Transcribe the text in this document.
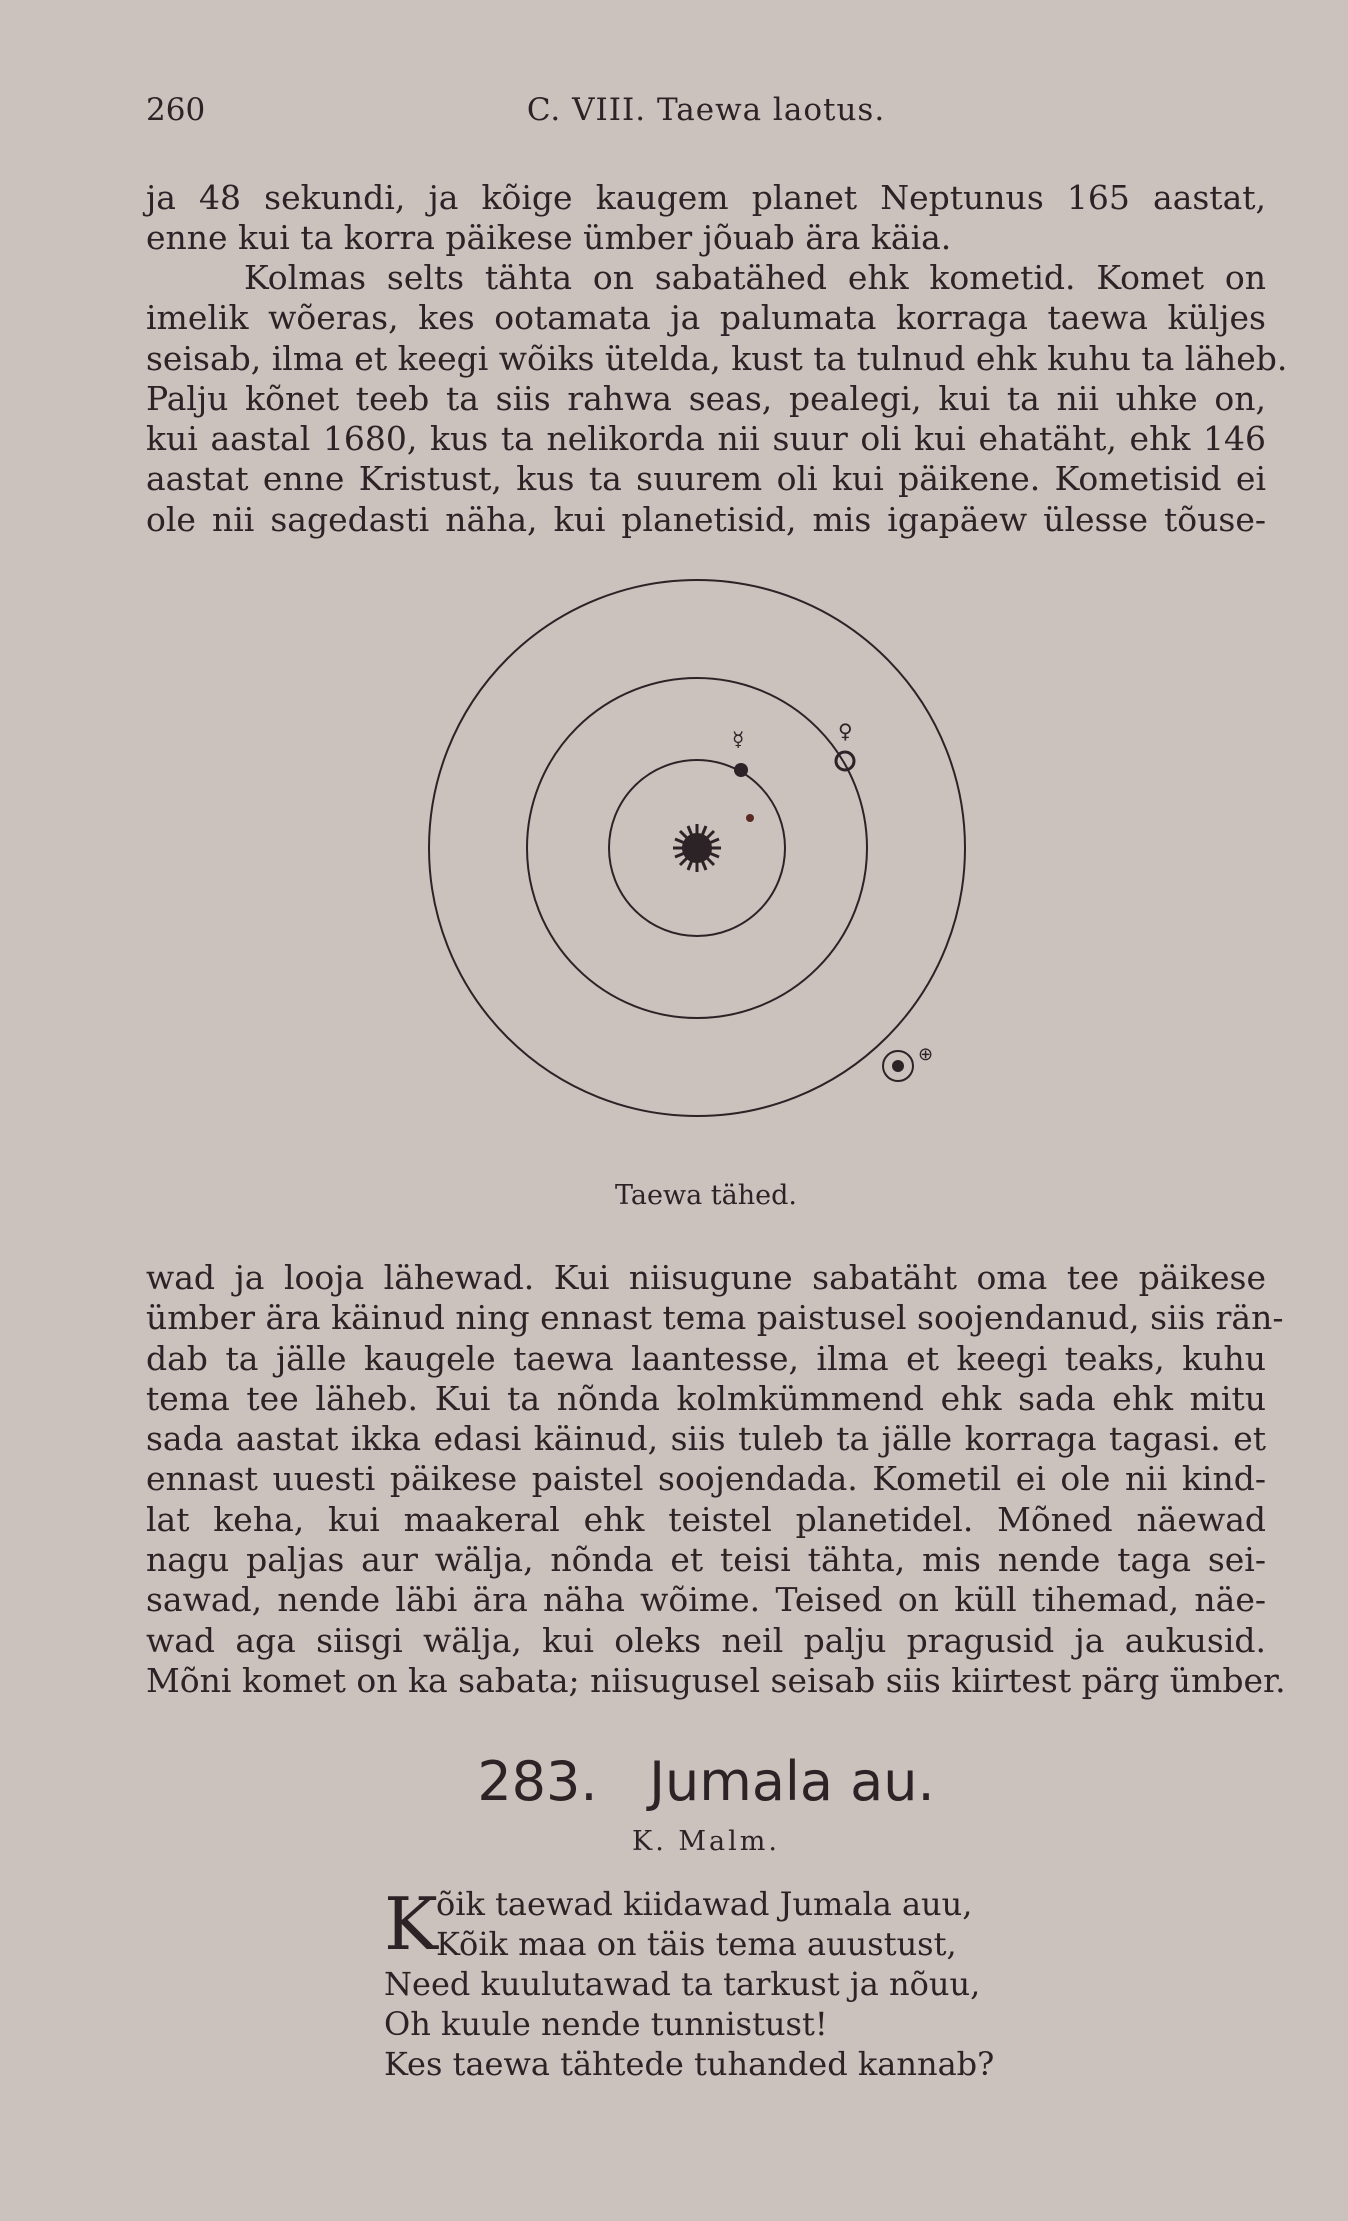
260	C. VIII. Taewa laotus.

ja 48 sekundi, ja kõige kaugem planet Neptunus 165 aastat,
enne kui ta korra päikese ümber jõuab ära käia.

Kolmas selts tähta on sabatähed ehk kometid. Komet on
imelik wõeras, kes ootamata ja palumata korraga taewa külјes
seisab, ilma et keegi wõiks ütelda, kust ta tulnud ehk kuhu ta läheb.
Palju kõnet teeb ta siis rahwa seas, pealegi, kui ta nii uhke on,
kui aastal 1680, kus ta nelikorda nii suur oli kui ehatäht, ehk 146
aastat enne Kristust, kus ta suurem oli kui päikene. Kometisid ei
ole nii sagedasti näha, kui planetisid, mis igapäew ülesse tõuse-

☿	♀
⊕
Taewa tähed.

wad ja looja lähewad. Kui niisugune sabatäht oma tee päikese
ümber ära käinud ning ennast tema paistusel soojendanud, siis rän-
dab ta jälle kaugele taewa laantesse, ilma et keegi teaks, kuhu
tema tee läheb. Kui ta nõnda kolmkümmend ehk sada ehk mitu
sada aastat ikka edasi käinud, siis tuleb ta jälle korraga tagasi. et
ennast uuesti päikese paistel soojendada. Kometil ei ole nii kind-
lat keha, kui maakeral ehk teistel planetidel. Mõned näewad
nagu paljas aur wälja, nõnda et teisi tähta, mis nende taga sei-
sawad, nende läbi ära näha wõime. Teised on küll tihemad, näe-
wad aga siisgi wälja, kui oleks neil palju pragusid ja aukusid.
Mõni komet on ka sabata; niisugusel seisab siis kiirtest pärg ümber.

283. Jumala au.
K. Malm.
K
õik taewad kiidawad Jumala auu,
Kõik maa on täis tema auustust,
Need kuulutawad ta tarkust ja nõuu,
Oh kuule nende tunnistust!
Kes taewa tähtede tuhanded kannab?
